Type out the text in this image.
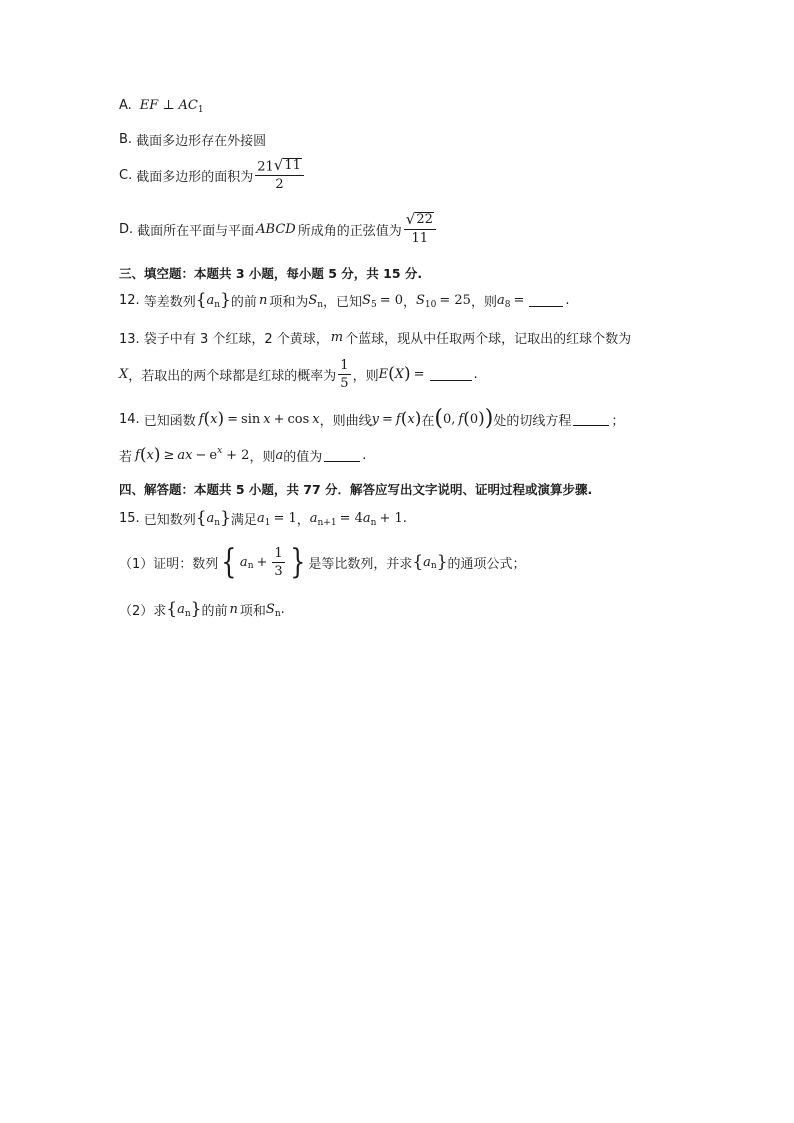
A. EF ⊥ AC 1
B. 截面多边形存在外接圆
C. 截面多边形的面积为 $\frac{21 √ 11}{2}$
D. 截面所在平面与平面 ABCD 所成角的正弦值为 $\frac{√ 22}{11}$
三、填空题：本题共 3 小题，每小题 5 分，共 15 分.
12. 等差数列 { a n } 的前 n 项和为 S n ，已知 S 5 = 0 ， S 10 = 25 ，则 a 8 =	.
13. 袋子中有 3 个红球，2 个黄球， m 个蓝球，现从中任取两个球，记取出的红球个数为
X ，若取出的两个球都是红球的概率为 $\frac{1}{5}$ ，则 E ( X ) =	.
14. 已知函数 f ( x ) = sin x + cos x ，则曲线 y = f ( x ) 在 ( 0 , f ( 0 ) ) 处的切线方程	；
若 f ( x ) ≥ ax − e x + 2 ，则 a 的值为	.
四、解答题：本题共 5 小题，共 77 分．解答应写出文字说明、证明过程或演算步骤.
15. 已知数列 { a n } 满足 a 1 = 1 ， a n+1 = 4 a n + 1 .
（1）证明：数列 { a $n + \frac{1}{3}$ } 是等比数列，并求 { a n } 的通项公式；
（2）求 { a n } 的前 n 项和 S n .
